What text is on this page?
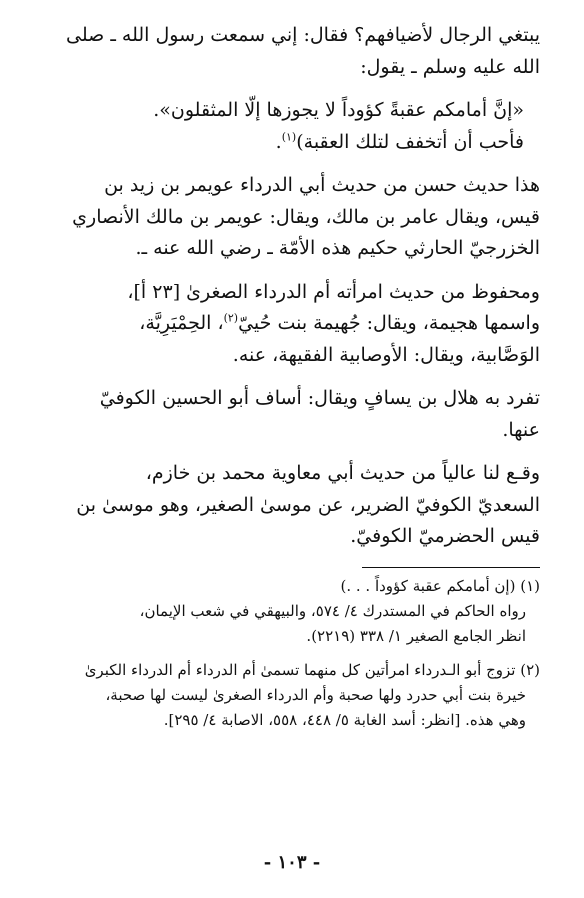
يبتغي الرجال لأضيافهم؟ فقال: إني سمعت رسول الله ـ صلى
الله عليه وسلم ـ يقول:

«إنَّ أمامكم عقبةً كؤوداً لا يجوزها إلّا المثقلون».
فأحب أن أتخفف لتلك العقبة)$^{(١)}$.

هذا حديث حسن من حديث أبي الدرداء عويمر بن زيد بن
قيس، ويقال عامر بن مالك، ويقال: عويمر بن مالك الأنصاري
الخزرجيّ الحارثي حكيم هذه الأمّة ـ رضي الله عنه ـ.

ومحفوظ من حديث امرأته أم الدرداء الصغرىٰ [٢٣ أ]،
واسمها هجيمة، ويقال: جُهيمة بنت حُييّ$^{(٢)}$، الحِمْيَرِيَّة،
الوَصَّابية، ويقال: الأوصابية الفقيهة، عنه.

تفرد به هلال بن يسافٍ ويقال: أساف أبو الحسين الكوفيّ
عنها.

وقـع لنا عالياً من حديث أبي معاوية محمد بن خازم،
السعديّ الكوفيّ الضرير، عن موسىٰ الصغير، وهو موسىٰ بن
قيس الحضرميّ الكوفيّ.

(١) (إن أمامكم عقبة كؤوداً . . .)
رواه الحاكم في المستدرك ٤/ ٥٧٤، والبيهقي في شعب الإيمان،
انظر الجامع الصغير ١/ ٣٣٨ (٢٢١٩).

(٢) تزوج أبو الـدرداء امرأتين كل منهما تسمىٰ أم الدرداء أم الدرداء الكبرىٰ
خيرة بنت أبي حدرد ولها صحبة وأم الدرداء الصغرىٰ ليست لها صحبة،
وهي هذه. [انظر: أسد الغابة ٥/ ٤٤٨، ٥٥٨، الاصابة ٤/ ٢٩٥].

- ١٠٣ -
